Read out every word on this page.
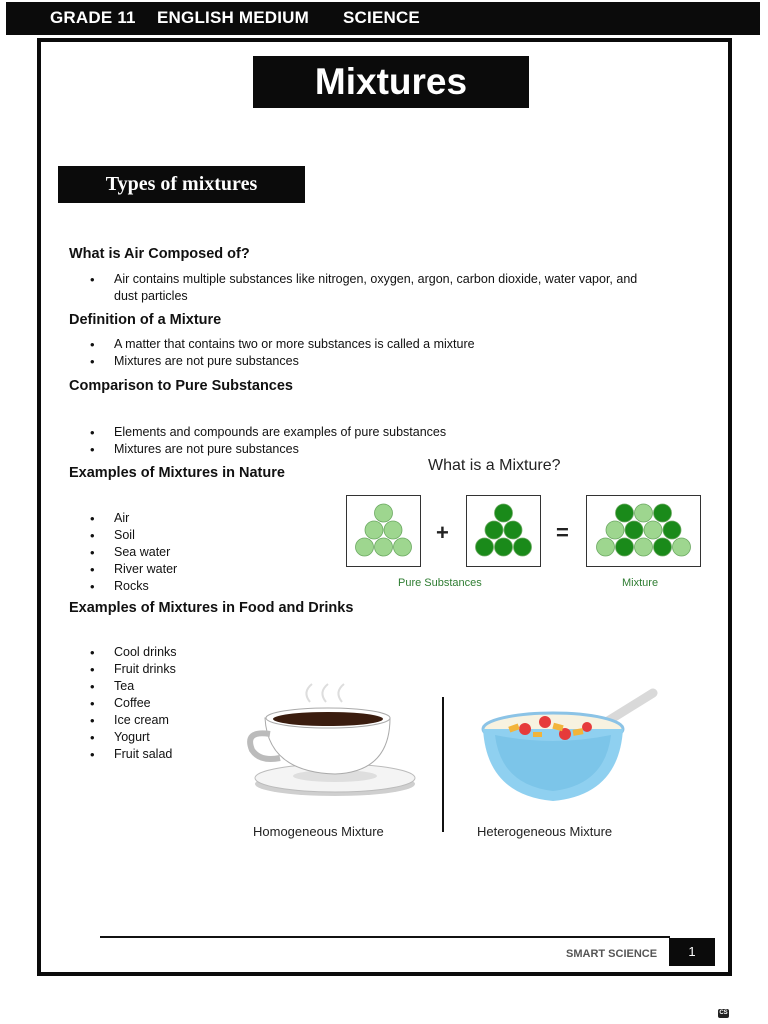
GRADE 11 ENGLISH MEDIUM SCIENCE
Mixtures
Types of mixtures
What is Air Composed of?
• Air contains multiple substances like nitrogen, oxygen, argon, carbon dioxide, water vapor, and
dust particles
Definition of a Mixture
• A matter that contains two or more substances is called a mixture
• Mixtures are not pure substances
Comparison to Pure Substances
• Elements and compounds are examples of pure substances
• Mixtures are not pure substances
Examples of Mixtures in Nature
• Air
• Soil
• Sea water
• River water
• Rocks
Examples of Mixtures in Food and Drinks
• Cool drinks
• Fruit drinks
• Tea
• Coffee
• Ice cream
• Yogurt
• Fruit salad
What is a Mixture?
+	=
Pure Substances	Mixture
Homogeneous Mixture	Heterogeneous Mixture
SMART SCIENCE	1
CS
